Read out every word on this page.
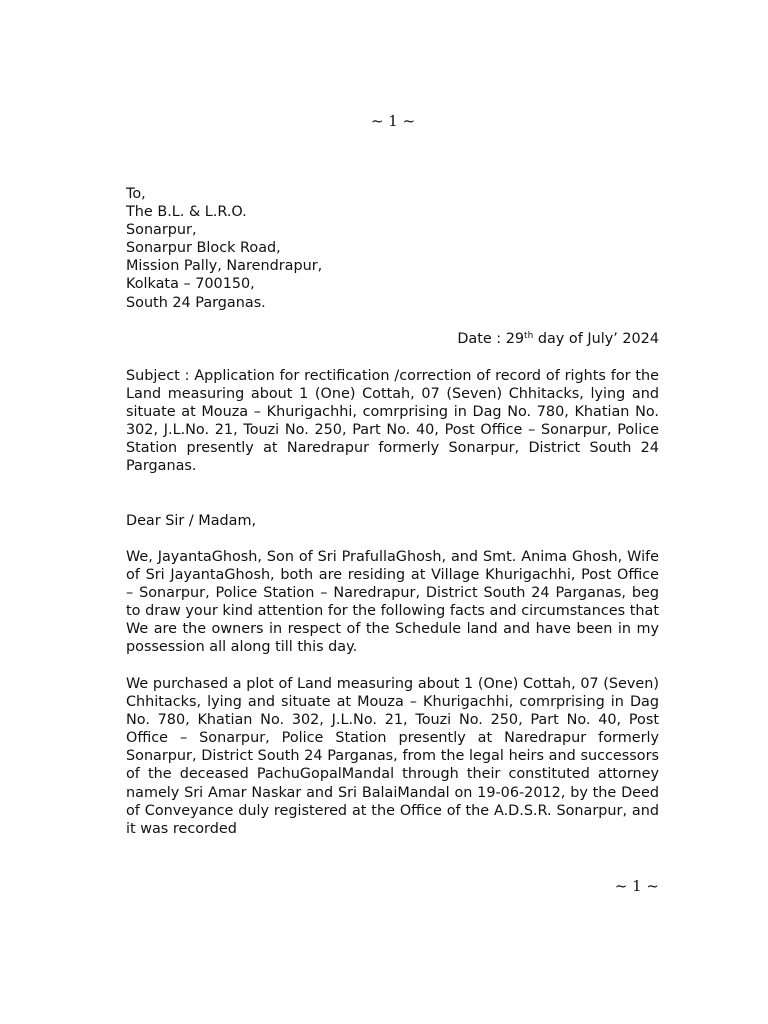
~ 1 ~
To,
The B.L. & L.R.O.
Sonarpur,
Sonarpur Block Road,
Mission Pally, Narendrapur,
Kolkata – 700150,
South 24 Parganas.
Date : 29th day of July’ 2024
Subject : Application for rectification /correction of record of rights for the Land measuring about 1 (One) Cottah, 07 (Seven) Chhitacks, lying and situate at Mouza – Khurigachhi, comrprising in Dag No. 780, Khatian No. 302, J.L.No. 21, Touzi No. 250, Part No. 40, Post Office – Sonarpur, Police Station presently at Naredrapur formerly Sonarpur, District South 24 Parganas.
Dear Sir / Madam,
We, JayantaGhosh, Son of Sri PrafullaGhosh, and Smt. Anima Ghosh, Wife of Sri JayantaGhosh, both are residing at Village Khurigachhi, Post Office – Sonarpur, Police Station – Naredrapur, District South 24 Parganas, beg to draw your kind attention for the following facts and circumstances that We are the owners in respect of the Schedule land and have been in my possession all along till this day.
We purchased a plot of Land measuring about 1 (One) Cottah, 07 (Seven) Chhitacks, lying and situate at Mouza – Khurigachhi, comrprising in Dag No. 780, Khatian No. 302, J.L.No. 21, Touzi No. 250, Part No. 40, Post Office – Sonarpur, Police Station presently at Naredrapur formerly Sonarpur, District South 24 Parganas, from the legal heirs and successors of the deceased PachuGopalMandal through their constituted attorney namely Sri Amar Naskar and Sri BalaiMandal on 19-06-2012, by the Deed of Conveyance duly registered at the Office of the A.D.S.R. Sonarpur, and it was recorded
~ 1 ~
